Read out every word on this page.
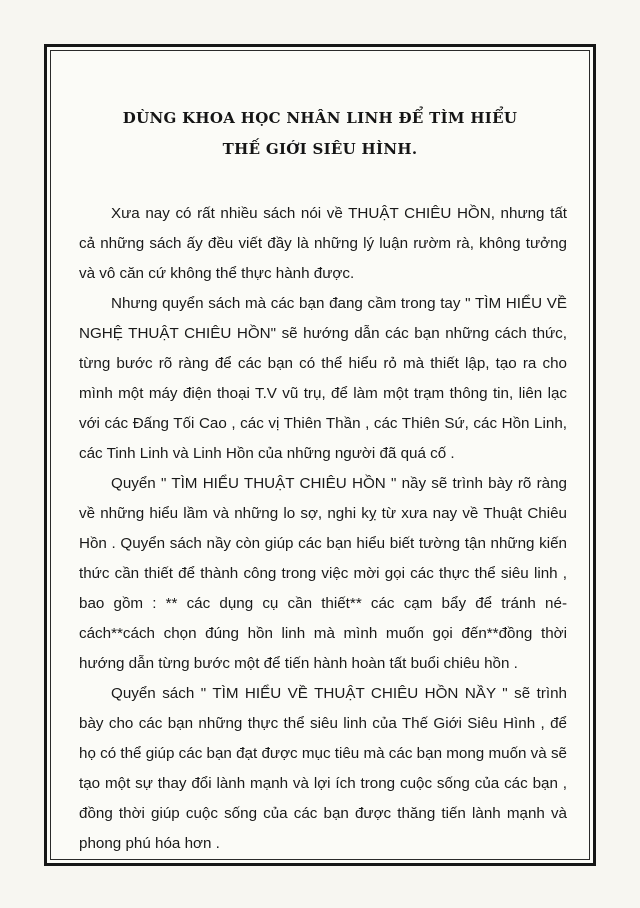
DÙNG KHOA HỌC NHÂN LINH ĐỂ TÌM HIỂU
THẾ GIỚI SIÊU HÌNH.

Xưa nay có rất nhiều sách nói về THUẬT CHIÊU HỒN, nhưng tất cả những sách ấy đều viết đầy là những lý luận rườm rà, không tưởng và vô căn cứ không thể thực hành được.

Nhưng quyển sách mà các bạn đang cầm trong tay " TÌM HIỂU VỀ NGHỆ THUẬT CHIÊU HỒN" sẽ hướng dẫn các bạn những cách thức, từng bước rõ ràng để các bạn có thể hiểu rỏ mà thiết lập, tạo ra cho mình một máy điện thoại T.V vũ trụ, để làm một trạm thông tin, liên lạc với các Đấng Tối Cao , các vị Thiên Thần , các Thiên Sứ, các Hồn Linh, các Tinh Linh và Linh Hồn của những người đã quá cố .

Quyển " TÌM HIỂU THUẬT CHIÊU HỒN " nầy sẽ trình bày rõ ràng về những hiểu lầm và những lo sợ, nghi kỵ từ xưa nay về Thuật Chiêu Hồn . Quyển sách nầy còn giúp các bạn hiểu biết tường tận những kiến thức cần thiết để thành công trong việc mời gọi các thực thể siêu linh , bao gồm : ** các dụng cụ cần thiết** các cạm bẩy để tránh né-cách**cách chọn đúng hồn linh mà mình muốn gọi đến**đồng thời hướng dẫn từng bước một để tiến hành hoàn tất buổi chiêu hồn .

Quyển sách " TÌM HIỂU VỀ THUẬT CHIÊU HỒN NẦY " sẽ trình bày cho các bạn những thực thể siêu linh của Thế Giới Siêu Hình , để họ có thể giúp các bạn đạt được mục tiêu mà các bạn mong muốn và sẽ tạo một sự thay đổi lành mạnh và lợi ích trong cuộc sống của các bạn , đồng thời giúp cuộc sống của các bạn được thăng tiến lành mạnh và phong phú hóa hơn .
